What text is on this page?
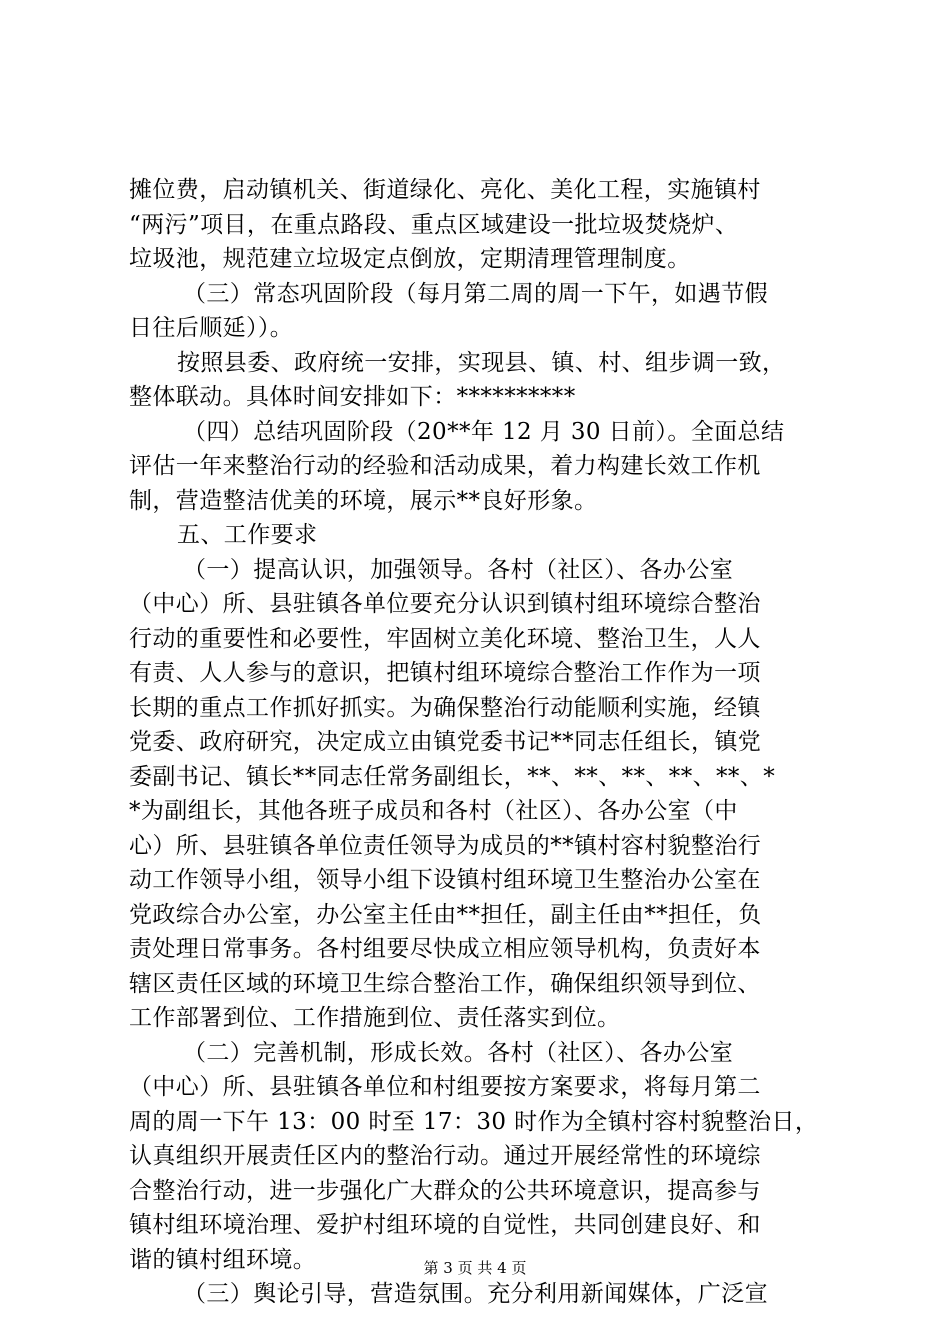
摊位费，启动镇机关、街道绿化、亮化、美化工程，实施镇村
“两污”项目，在重点路段、重点区域建设一批垃圾焚烧炉、
垃圾池，规范建立垃圾定点倒放，定期清理管理制度。
（三）常态巩固阶段（每月第二周的周一下午，如遇节假
日往后顺延））。
按照县委、政府统一安排，实现县、镇、村、组步调一致，
整体联动。具体时间安排如下：**********
（四）总结巩固阶段（20**年 12 月 30 日前）。全面总结
评估一年来整治行动的经验和活动成果，着力构建长效工作机
制，营造整洁优美的环境，展示**良好形象。
五、工作要求
（一）提高认识，加强领导。各村（社区）、各办公室
（中心）所、县驻镇各单位要充分认识到镇村组环境综合整治
行动的重要性和必要性，牢固树立美化环境、整治卫生，人人
有责、人人参与的意识，把镇村组环境综合整治工作作为一项
长期的重点工作抓好抓实。为确保整治行动能顺利实施，经镇
党委、政府研究，决定成立由镇党委书记**同志任组长，镇党
委副书记、镇长**同志任常务副组长，**、**、**、**、**、*
*为副组长，其他各班子成员和各村（社区）、各办公室（中
心）所、县驻镇各单位责任领导为成员的**镇村容村貌整治行
动工作领导小组，领导小组下设镇村组环境卫生整治办公室在
党政综合办公室，办公室主任由**担任，副主任由**担任，负
责处理日常事务。各村组要尽快成立相应领导机构，负责好本
辖区责任区域的环境卫生综合整治工作，确保组织领导到位、
工作部署到位、工作措施到位、责任落实到位。
（二）完善机制，形成长效。各村（社区）、各办公室
（中心）所、县驻镇各单位和村组要按方案要求，将每月第二
周的周一下午 13：00 时至 17：30 时作为全镇村容村貌整治日，
认真组织开展责任区内的整治行动。通过开展经常性的环境综
合整治行动，进一步强化广大群众的公共环境意识，提高参与
镇村组环境治理、爱护村组环境的自觉性，共同创建良好、和
谐的镇村组环境。
（三）舆论引导，营造氛围。充分利用新闻媒体，广泛宣
第 3 页 共 4 页
